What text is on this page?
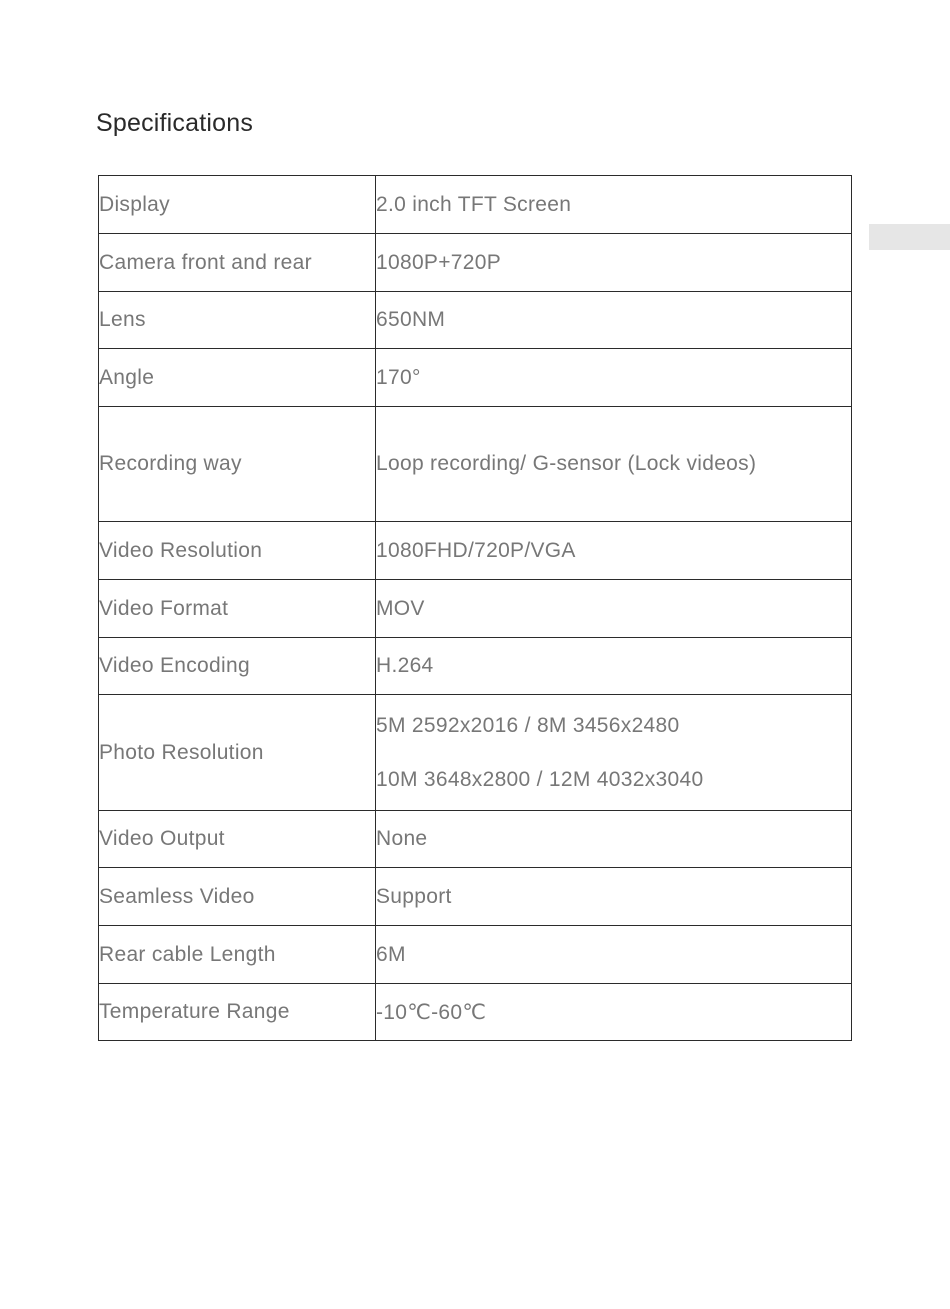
Specifications
Display	2.0 inch TFT Screen

Camera front and rear	1080P+720P

Lens	650NM

Angle	170°

Recording way	Loop recording/ G-sensor (Lock videos)

Video Resolution	1080FHD/720P/VGA

Video Format	MOV

Video Encoding	H.264

Photo Resolution	5M 2592x2016 / 8M 3456x2480
10M 3648x2800 / 12M 4032x3040

Video Output	None

Seamless Video	Support

Rear cable Length	6M

Temperature Range	-10℃-60℃
